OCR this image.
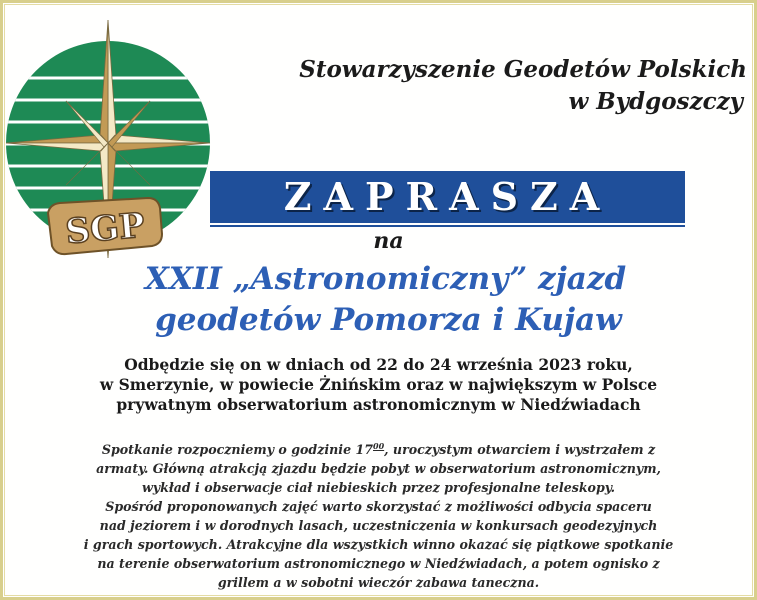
SGP
Stowarzyszenie Geodetów Polskich
w Bydgoszczy
ZAPRASZA
na
XXII „Astronomiczny” zjazd
geodetów Pomorza i Kujaw
Odbędzie się on w dniach od 22 do 24 września 2023 roku,
w Smerzynie, w powiecie Żnińskim oraz w największym w Polsce
prywatnym obserwatorium astronomicznym w Niedźwiadach
Spotkanie rozpoczniemy o godzinie $17^{00}$, uroczystym otwarciem i wystrzałem z
armaty. Główną atrakcją zjazdu będzie pobyt w obserwatorium astronomicznym,
wykład i obserwacje ciał niebieskich przez profesjonalne teleskopy.
Spośród proponowanych zajęć warto skorzystać z możliwości odbycia spaceru
nad jeziorem i w dorodnych lasach, uczestniczenia w konkursach geodezyjnych
i grach sportowych. Atrakcyjne dla wszystkich winno okazać się piątkowe spotkanie
na terenie obserwatorium astronomicznego w Niedźwiadach, a potem ognisko z
grillem a w sobotni wieczór zabawa taneczna.
